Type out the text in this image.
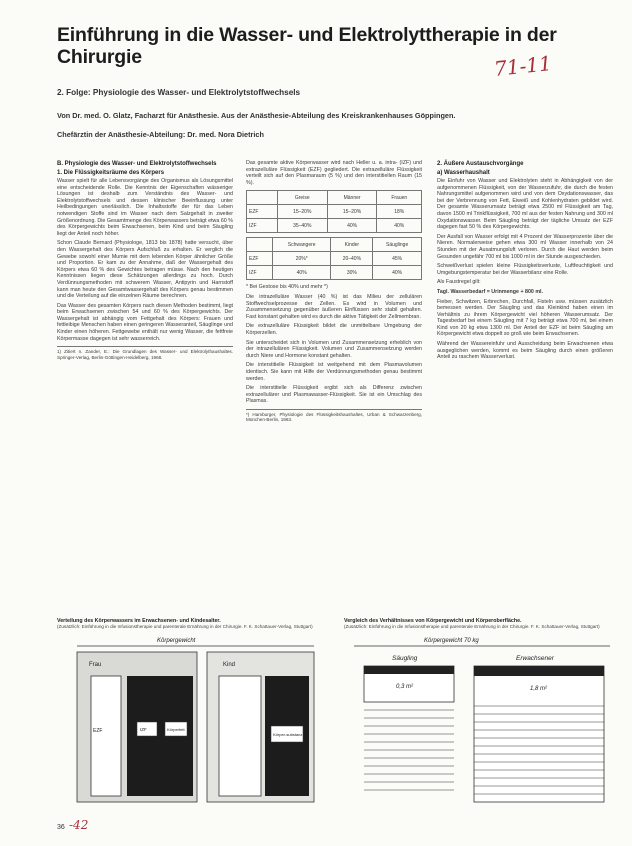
Einführung in die Wasser- und Elektrolyttherapie in der Chirurgie	71-11
2. Folge: Physiologie des Wasser- und Elektrolytstoffwechsels
Von Dr. med. O. Glatz, Facharzt für Anästhesie. Aus der Anästhesie-Abteilung des Kreiskrankenhauses Göppingen.
Chefärztin der Anästhesie-Abteilung: Dr. med. Nora Dietrich
B. Physiologie des Wasser- und Elektrolytstoffwechsels
1. Die Flüssigkeitsräume des Körpers
Wasser spielt für alle Lebensvorgänge des Organismus als Lösungsmittel eine entscheidende Rolle. Die Kenntnis der Eigenschaften wässeriger Lösungen ist deshalb zum Verständnis des Wasser- und Elektrolytstoffwechsels und dessen klinischer Beeinflussung unter Heilbedingungen unerlässlich. Die Inhaltsstoffe der für das Leben notwendigen Stoffe sind im Wasser nach dem Salzgehalt in zweiter Größenordnung. Die Gesamtmenge des Körperwassers beträgt etwa 60 % des Körpergewichts beim Erwachsenen, beim Kind und beim Säugling liegt der Anteil noch höher.
Schon Claude Bernard (Physiologe, 1813 bis 1878) hatte versucht, über den Wassergehalt des Körpers Aufschluß zu erhalten. Er verglich die Gewebe sowohl einer Mumie mit dem lebenden Körper ähnlicher Größe und Proportion. Er kam zu der Annahme, daß der Wassergehalt des Körpers etwa 60 % des Gewichtes betragen müsse. Nach den heutigen Kenntnissen liegen diese Schätzungen allerdings zu hoch. Durch Verdünnungsmethoden mit schwerem Wasser, Antipyrin und Harnstoff kann man heute den Gesamtwassergehalt des Körpers genau bestimmen und die Verteilung auf die einzelnen Räume berechnen.
Das Wasser des gesamten Körpers nach diesen Methoden bestimmt, liegt beim Erwachsenen zwischen 54 und 60 % des Körpergewichts. Der Wassergehalt ist abhängig vom Fettgehalt des Körpers: Frauen und fettleibige Menschen haben einen geringeren Wasseranteil, Säuglinge und Kinder einen höheren. Fettgewebe enthält nur wenig Wasser, die fettfreie Körpermasse dagegen ist sehr wasserreich.
1) Zitiert n. Zander, E.: Die Grundlagen des Wasser- und Elektrolythaushaltes. Springer-Verlag, Berlin-Göttingen-Heidelberg, 1968.
Das gesamte aktive Körperwasser wird nach Heller u. a. intra- (IZF) und extrazelluläre Flüssigkeit (EZF) gegliedert. Die extrazelluläre Flüssigkeit verteilt sich auf den Plasmaraum (5 %) und den interstitiellen Raum (15 %).
	Greise	Männer	Frauen
EZF	15–20%	15–20%	18%
IZF	35–40%	40%	40%
	Schwangere	Kinder	Säuglinge
EZF	20%*	20–40%	45%
IZF	40%	30%	40%
* Bei Gestose bis 40% und mehr *)
Die intrazelluläre Wasser (40 %) ist das Milieu der zellulären Stoffwechselprozesse der Zellen. Es wird in Volumen und Zusammensetzung gegenüber äußeren Einflüssen sehr stabil gehalten. Fast konstant gehalten wird es durch die aktive Tätigkeit der Zellmembran.
Die extrazelluläre Flüssigkeit bildet die unmittelbare Umgebung der Körperzellen.
Sie unterscheidet sich in Volumen und Zusammensetzung erheblich von der intrazellulären Flüssigkeit. Volumen und Zusammensetzung werden durch Niere und Hormone konstant gehalten.
Die interstitielle Flüssigkeit ist weitgehend mit dem Plasmavolumen identisch. Sie kann mit Hilfe der Verdünnungsmethoden genau bestimmt werden.
Die interstitielle Flüssigkeit ergibt sich als Differenz zwischen extrazellulärer und Plasmawasser-Flüssigkeit. Sie ist ein Umschlag des Plasmas.
*) Hamburger, Physiologie des Flüssigkeitshaushaltes, Urban & Schwarzenberg, München-Berlin, 1963.
2. Äußere Austauschvorgänge
a) Wasserhaushalt
Die Einfuhr von Wasser und Elektrolyten steht in Abhängigkeit von der aufgenommenen Flüssigkeit, von der Wasserzufuhr, die durch die festen Nahrungsmittel aufgenommen wird und von dem Oxydationswasser, das bei der Verbrennung von Fett, Eiweiß und Kohlenhydraten gebildet wird. Der gesamte Wasserumsatz beträgt etwa 2500 ml Flüssigkeit am Tag, davon 1500 ml Trinkflüssigkeit, 700 ml aus der festen Nahrung und 300 ml Oxydationswasser. Beim Säugling beträgt der tägliche Umsatz der EZF dagegen fast 50 % des Körpergewichts.
Der Ausfall von Wasser erfolgt mit 4 Prozent der Wasserprozente über die Nieren. Normalerweise gehen etwa 300 ml Wasser innerhalb von 24 Stunden mit der Ausatmungsluft verloren. Durch die Haut werden beim Gesunden ungefähr 700 ml bis 1000 ml in der Stunde ausgeschieden.
Schweißverlust spielen kleine Flüssigkeitsverluste, Luftfeuchtigkeit und Umgebungstemperatur bei der Wasserbilanz eine Rolle.
Als Faustregel gilt:
Tagl. Wasserbedarf = Urinmenge + 800 ml.
Fieber, Schwitzen, Erbrechen, Durchfall, Fisteln usw. müssen zusätzlich bemessen werden. Der Säugling und das Kleinkind haben einen im Verhältnis zu ihrem Körpergewicht viel höheren Wasserumsatz. Der Tagesbedarf bei einem Säugling mit 7 kg beträgt etwa 700 ml, bei einem Kind von 20 kg etwa 1300 ml. Der Anteil der EZF ist beim Säugling am Körpergewicht etwa doppelt so groß wie beim Erwachsenen.
Während der Wassereinfuhr und Ausscheidung beim Erwachsenen etwa ausgeglichen werden, kommt es beim Säugling durch einen größeren Anteil zu raschem Wasserverlust.
Verteilung des Körperwassers im Erwachsenen- und Kindesalter.
(Zusätzlich: Einführung in die Infusionstherapie und parenterale Ernährung in der Chirurgie. F. K. Schattauer-Verlag, Stuttgart)
Körpergewicht
Frau
EZF	IZF	Körperfett
Kind
Körper-substanz
Vergleich des Verhältnisses von Körpergewicht und Körperoberfläche.
(Zusätzlich: Einführung in die Infusionstherapie und parenterale Ernährung in der Chirurgie. F. K. Schattauer-Verlag, Stuttgart)
Körpergewicht 70 kg
Säugling
0,3 m²
Erwachsener
1,8 m²
36 -42
